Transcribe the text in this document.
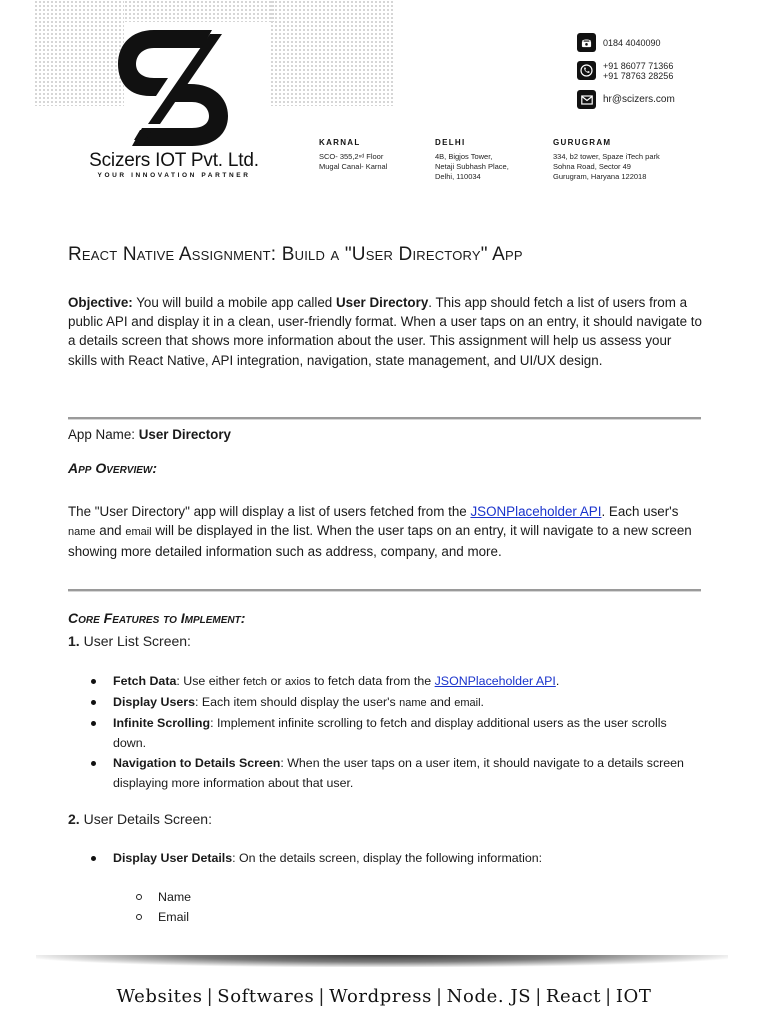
Scizers IOT Pvt. Ltd.
YOUR INNOVATION PARTNER
0184 4040090
+91 86077 71366
+91 78763 28256
hr@scizers.com
KARNAL
SCO- 355,2ⁿᵈ Floor
Mugal Canal- Karnal
DELHI
4B, Bigjos Tower,
Netaji Subhash Place,
Delhi, 110034
GURUGRAM
334, b2 tower, Spaze iTech park
Sohna Road, Sector 49
Gurugram, Haryana 122018
React Native Assignment: Build a "User Directory" App

Objective: You will build a mobile app called User Directory. This app should fetch a list of users from a public API and display it in a clean, user-friendly format. When a user taps on an entry, it should navigate to a details screen that shows more information about the user. This assignment will help us assess your skills with React Native, API integration, navigation, state management, and UI/UX design.

App Name: User Directory
App Overview:

The "User Directory" app will display a list of users fetched from the JSONPlaceholder API. Each user's name and email will be displayed in the list. When the user taps on an entry, it will navigate to a new screen showing more detailed information such as address, company, and more.

Core Features to Implement:
1. User List Screen:
Fetch Data: Use either fetch or axios to fetch data from the JSONPlaceholder API.
Display Users: Each item should display the user's name and email.
Infinite Scrolling: Implement infinite scrolling to fetch and display additional users as the user scrolls down.
Navigation to Details Screen: When the user taps on a user item, it should navigate to a details screen displaying more information about that user.
2. User Details Screen:
Display User Details: On the details screen, display the following information:
Name
Email
Websites | Softwares | Wordpress | Node. JS | React | IOT
